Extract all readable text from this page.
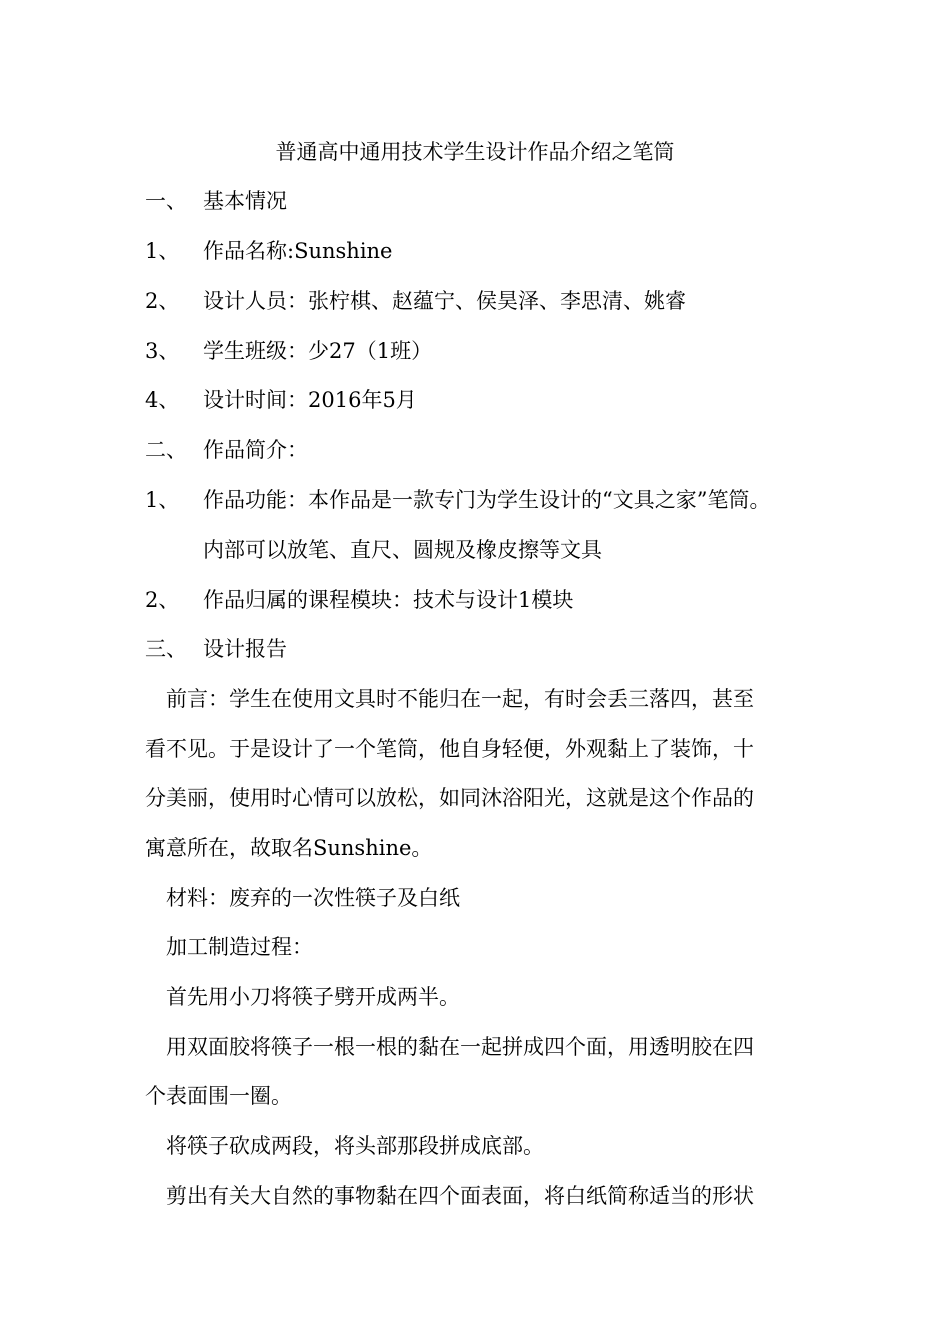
普通高中通用技术学生设计作品介绍之笔筒
一、 基本情况
1、 作品名称:Sunshine
2、 设计人员：张柠棋、赵蕴宁、侯昊泽、李思清、姚睿
3、 学生班级：少27（1班）
4、 设计时间：2016年5月
二、 作品简介：
1、 作品功能：本作品是一款专门为学生设计的“文具之家”笔筒。
内部可以放笔、直尺、圆规及橡皮擦等文具
2、 作品归属的课程模块：技术与设计1模块
三、 设计报告
前言：学生在使用文具时不能归在一起，有时会丢三落四，甚至
看不见。于是设计了一个笔筒，他自身轻便，外观黏上了装饰，十
分美丽，使用时心情可以放松，如同沐浴阳光，这就是这个作品的
寓意所在，故取名Sunshine。
材料：废弃的一次性筷子及白纸
加工制造过程：
首先用小刀将筷子劈开成两半。
用双面胶将筷子一根一根的黏在一起拼成四个面，用透明胶在四
个表面围一圈。
将筷子砍成两段，将头部那段拼成底部。
剪出有关大自然的事物黏在四个面表面，将白纸简称适当的形状
